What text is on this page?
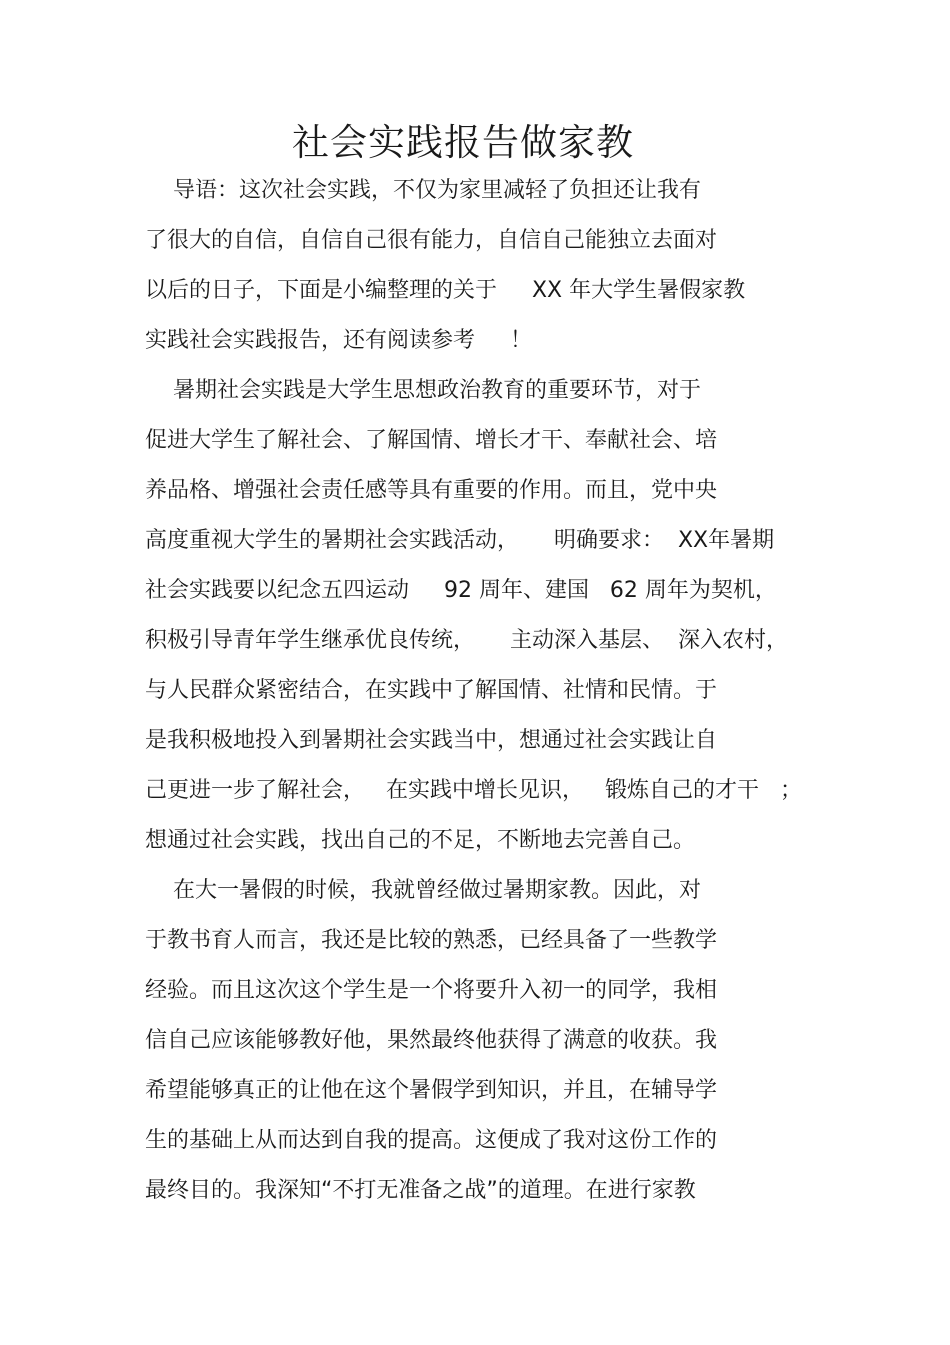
社会实践报告做家教

导语：这次社会实践，不仅为家里减轻了负担还让我有

了很大的自信，自信自己很有能力，自信自己能独立去面对

以后的日子，下面是小编整理的关于     XX 年大学生暑假家教

实践社会实践报告，还有阅读参考     ！

暑期社会实践是大学生思想政治教育的重要环节，对于

促进大学生了解社会、了解国情、增长才干、奉献社会、培

养品格、增强社会责任感等具有重要的作用。而且，党中央

高度重视大学生的暑期社会实践活动，     明确要求：  XX年暑期

社会实践要以纪念五四运动     92 周年、建国   62 周年为契机，

积极引导青年学生继承优良传统，     主动深入基层、  深入农村，

与人民群众紧密结合，在实践中了解国情、社情和民情。于

是我积极地投入到暑期社会实践当中，想通过社会实践让自

己更进一步了解社会，   在实践中增长见识，   锻炼自己的才干   ；

想通过社会实践，找出自己的不足，不断地去完善自己。

在大一暑假的时候，我就曾经做过暑期家教。因此，对

于教书育人而言，我还是比较的熟悉，已经具备了一些教学

经验。而且这次这个学生是一个将要升入初一的同学，我相

信自己应该能够教好他，果然最终他获得了满意的收获。我

希望能够真正的让他在这个暑假学到知识，并且，在辅导学

生的基础上从而达到自我的提高。这便成了我对这份工作的

最终目的。我深知“不打无准备之战”的道理。在进行家教
